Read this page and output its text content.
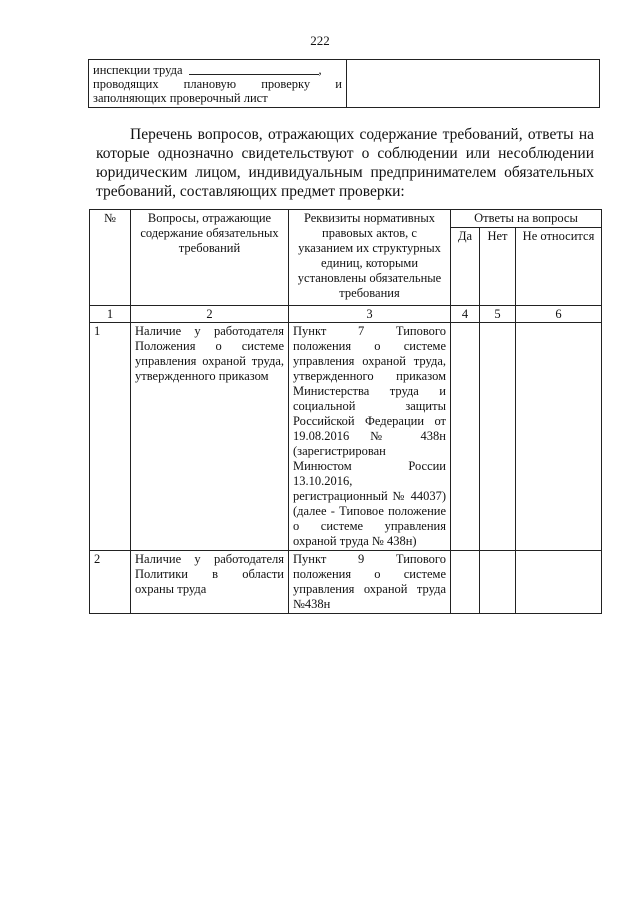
222
инспекции труда	,
проводящих плановую проверку и
заполняющих проверочный лист

Перечень вопросов, отражающих содержание требований, ответы на которые однозначно свидетельствуют о соблюдении или несоблюдении юридическим лицом, индивидуальным предпринимателем обязательных требований, составляющих предмет проверки:

№	Вопросы, отражающие содержание обязательных требований	Реквизиты нормативных правовых актов, с указанием их структурных единиц, которыми установлены обязательные требования	Ответы на вопросы		
			Да	Нет	Не относится
1	2	3	4	5	6
1	Наличие у работодателя Положения о системе управления охраной труда, утвержденного приказом	Пункт 7 Типового положения о системе управления охраной труда, утвержденного приказом Министерства труда и социальной защиты Российской Федерации от 19.08.2016 № 438н (зарегистрирован Минюстом России 13.10.2016, регистрационный № 44037) (далее - Типовое положение о системе управления охраной труда № 438н)			
2	Наличие у работодателя Политики в области охраны труда	Пункт 9 Типового положения о системе управления охраной труда №438н			
